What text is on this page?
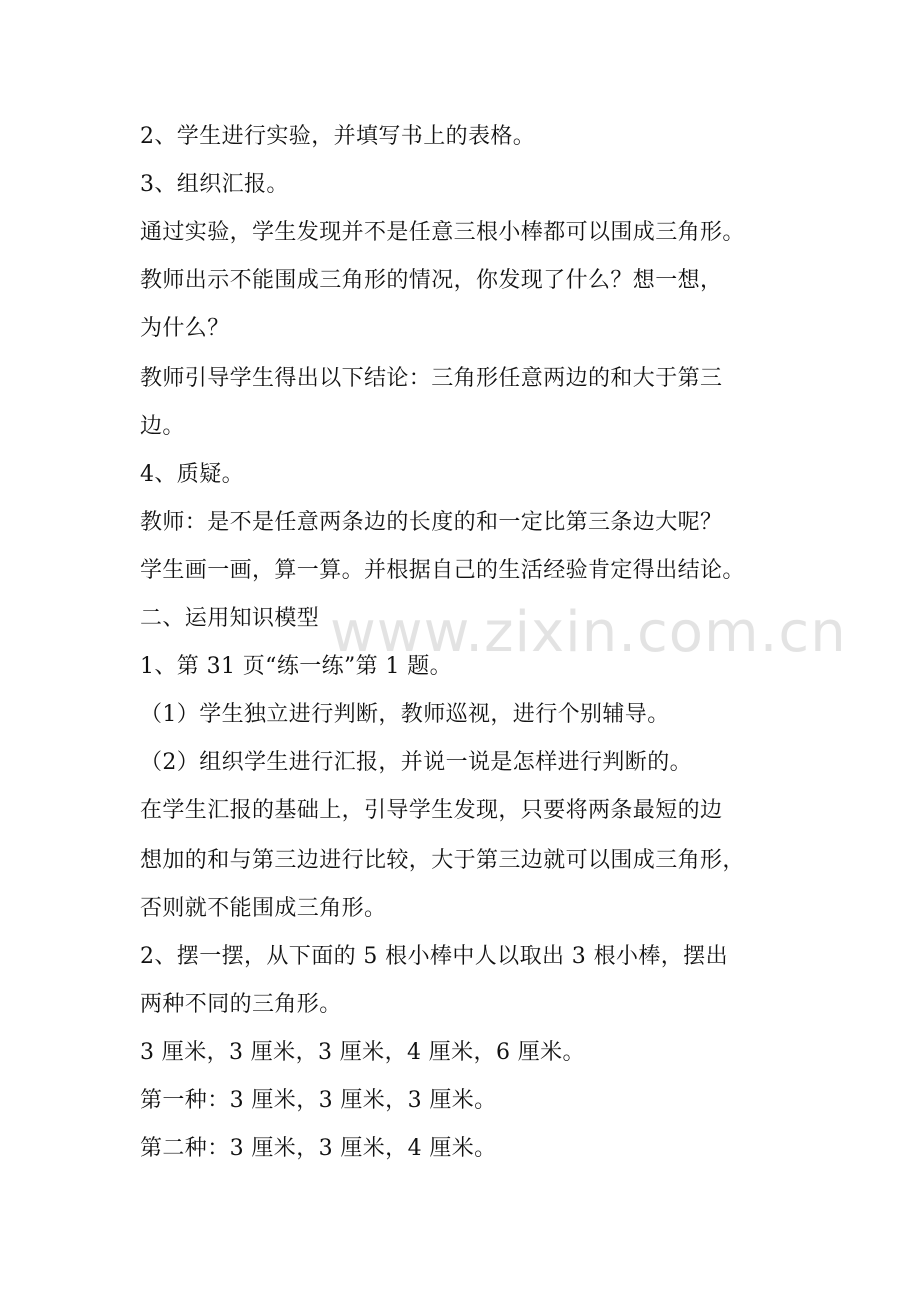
2、学生进行实验，并填写书上的表格。
3、组织汇报。
通过实验，学生发现并不是任意三根小棒都可以围成三角形。
教师出示不能围成三角形的情况，你发现了什么？想一想，
为什么？
教师引导学生得出以下结论：三角形任意两边的和大于第三
边。
4、质疑。
教师：是不是任意两条边的长度的和一定比第三条边大呢？
学生画一画，算一算。并根据自己的生活经验肯定得出结论。
二、运用知识模型
1、第 31 页“练一练”第 1 题。
（1）学生独立进行判断，教师巡视，进行个别辅导。
（2）组织学生进行汇报，并说一说是怎样进行判断的。
在学生汇报的基础上，引导学生发现，只要将两条最短的边
想加的和与第三边进行比较，大于第三边就可以围成三角形，
否则就不能围成三角形。
2、摆一摆，从下面的 5 根小棒中人以取出 3 根小棒，摆出
两种不同的三角形。
3 厘米，3 厘米，3 厘米，4 厘米，6 厘米。
第一种：3 厘米，3 厘米，3 厘米。
第二种：3 厘米，3 厘米，4 厘米。
www.zixin.com.cn
